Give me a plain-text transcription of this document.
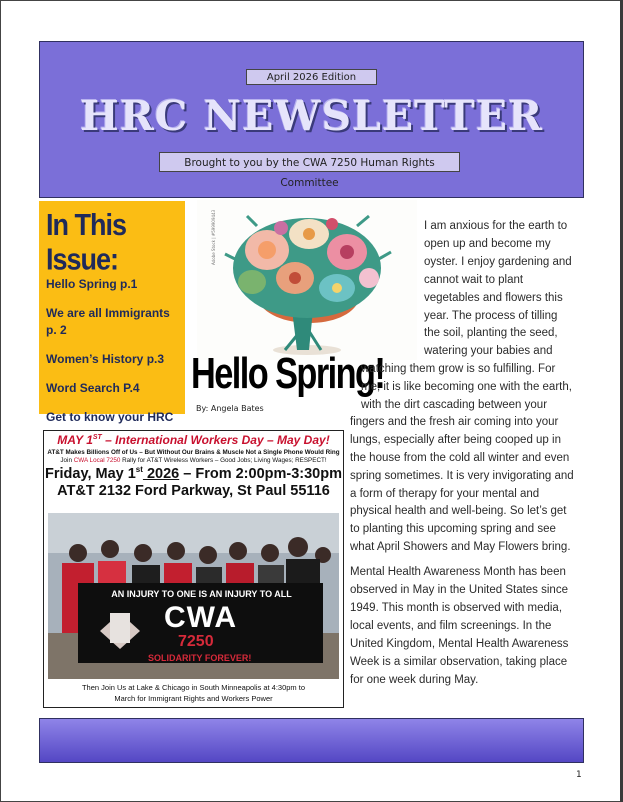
April 2026 Edition
HRC NEWSLETTER
Brought to you by the CWA 7250 Human Rights Committee
In This Issue:
Hello Spring p.1
We are all Immigrants p. 2
Women’s History p.3
Word Search P.4
Get to know your HRC
Adobe Stock | #599909443
Hello Spring!
By: Angela Bates
I am anxious for the earth to
open up and become my
oyster. I enjoy gardening and
cannot wait to plant
vegetables and flowers this
year. The process of tilling
the soil, planting the seed,
watering your babies and
watching them grow is so fulfilling. For
me, it is like becoming one with the earth,
with the dirt cascading between your
fingers and the fresh air coming into your
lungs, especially after being cooped up in
the house from the cold all winter and even
spring sometimes. It is very invigorating and
a form of therapy for your mental and
physical health and well-being. So let’s get
to planting this upcoming spring and see
what April Showers and May Flowers bring.
Mental Health Awareness Month has been
observed in May in the United States since
1949. This month is observed with media,
local events, and film screenings. In the
United Kingdom, Mental Health Awareness
Week is a similar observation, taking place
for one week during May.
MAY 1ST – International Workers Day – May Day!
AT&T Makes Billions Off of Us – But Without Our Brains & Muscle Not a Single Phone Would Ring
Join CWA Local 7250 Rally for AT&T Wireless Workers – Good Jobs; Living Wages; RESPECT!
Friday, May 1st 2026 – From 2:00pm-3:30pm
AT&T 2132 Ford Parkway, St Paul 55116
AN INJURY TO ONE IS AN INJURY TO ALL
CWA
7250
SOLIDARITY FOREVER!
Then Join Us at Lake & Chicago in South Minneapolis at 4:30pm to
March for Immigrant Rights and Workers Power
1
